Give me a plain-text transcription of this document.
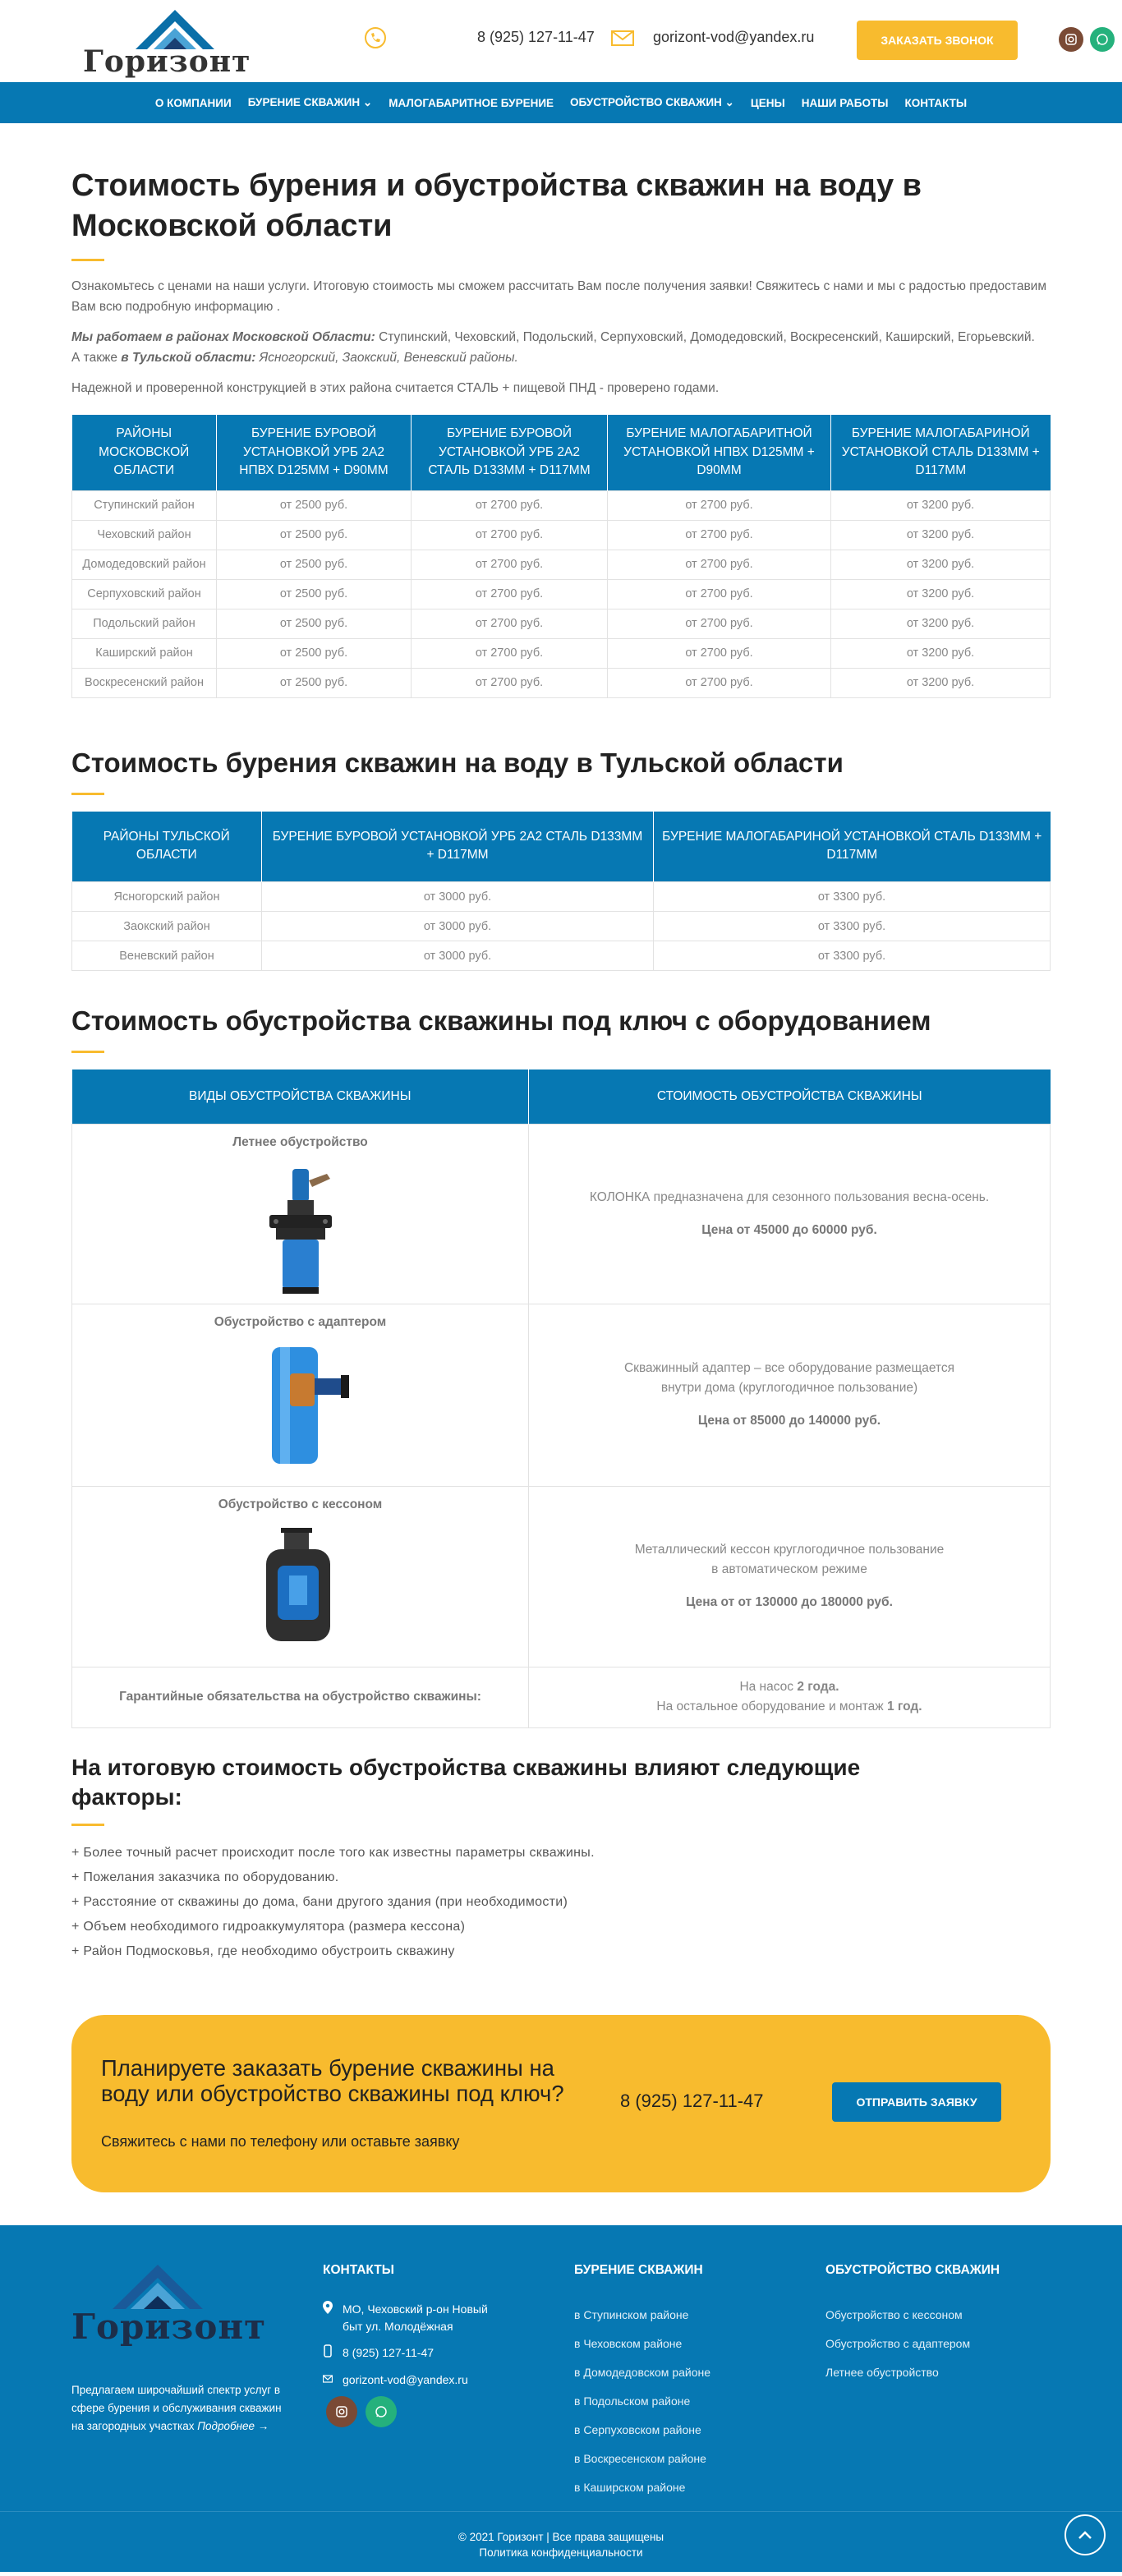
Горизонт
8 (925) 127-11-47	gorizont-vod@yandex.ru	ЗАКАЗАТЬ ЗВОНОК
О КОМПАНИИ	БУРЕНИЕ СКВАЖИН ⌄	МАЛОГАБАРИТНОЕ БУРЕНИЕ	ОБУСТРОЙСТВО СКВАЖИН ⌄	ЦЕНЫ	НАШИ РАБОТЫ	КОНТАКТЫ
Стоимость бурения и обустройства скважин на воду в Московской области

Ознакомьтесь с ценами на наши услуги. Итоговую стоимость мы сможем рассчитать Вам после получения заявки! Свяжитесь с нами и мы с радостью предоставим Вам всю подробную информацию .

Мы работаем в районах Московской Области: Ступинский, Чеховский, Подольский, Серпуховский, Домодедовский, Воскресенский, Каширский, Егорьевский.
А также в Тульской области: Ясногорский, Заокский, Веневский районы.

Надежной и проверенной конструкцией в этих района считается СТАЛЬ + пищевой ПНД - проверено годами.

РАЙОНЫ МОСКОВСКОЙ ОБЛАСТИ	БУРЕНИЕ БУРОВОЙ УСТАНОВКОЙ УРБ 2А2 НПВХ D125ММ + D90ММ	БУРЕНИЕ БУРОВОЙ УСТАНОВКОЙ УРБ 2А2 СТАЛЬ D133ММ + D117ММ	БУРЕНИЕ МАЛОГАБАРИТНОЙ УСТАНОВКОЙ НПВХ D125ММ + D90ММ	БУРЕНИЕ МАЛОГАБАРИНОЙ УСТАНОВКОЙ СТАЛЬ D133ММ + D117ММ
Ступинский район	от 2500 руб.	от 2700 руб.	от 2700 руб.	от 3200 руб.
Чеховский район	от 2500 руб.	от 2700 руб.	от 2700 руб.	от 3200 руб.
Домодедовский район	от 2500 руб.	от 2700 руб.	от 2700 руб.	от 3200 руб.
Серпуховский район	от 2500 руб.	от 2700 руб.	от 2700 руб.	от 3200 руб.
Подольский район	от 2500 руб.	от 2700 руб.	от 2700 руб.	от 3200 руб.
Каширский район	от 2500 руб.	от 2700 руб.	от 2700 руб.	от 3200 руб.
Воскресенский район	от 2500 руб.	от 2700 руб.	от 2700 руб.	от 3200 руб.
Стоимость бурения скважин на воду в Тульской области
РАЙОНЫ ТУЛЬСКОЙ ОБЛАСТИ	БУРЕНИЕ БУРОВОЙ УСТАНОВКОЙ УРБ 2А2 СТАЛЬ D133ММ + D117ММ	БУРЕНИЕ МАЛОГАБАРИНОЙ УСТАНОВКОЙ СТАЛЬ D133ММ + D117ММ
Ясногорский район	от 3000 руб.	от 3300 руб.
Заокский район	от 3000 руб.	от 3300 руб.
Веневский район	от 3000 руб.	от 3300 руб.
Стоимость обустройства скважины под ключ с оборудованием
ВИДЫ ОБУСТРОЙСТВА СКВАЖИНЫ	СТОИМОСТЬ ОБУСТРОЙСТВА СКВАЖИНЫ
Летнее обустройство	КОЛОНКА предназначена для сезонного пользования весна-осень.
Цена от 45000 до 60000 руб.

Обустройство с адаптером	Скважинный адаптер – все оборудование размещается
внутри дома (круглогодичное пользование)
Цена от 85000 до 140000 руб.

Обустройство с кессоном	Металлический кессон круглогодичное пользование
в автоматическом режиме
Цена от от 130000 до 180000 руб.

Гарантийные обязательства на обустройство скважины:	На насос 2 года.
На остальное оборудование и монтаж 1 год.
На итоговую стоимость обустройства скважины влияют следующие факторы:
+ Более точный расчет происходит после того как известны параметры скважины.
+ Пожелания заказчика по оборудованию.
+ Расстояние от скважины до дома, бани другого здания (при необходимости)
+ Объем необходимого гидроаккумулятора (размера кессона)
+ Район Подмосковья, где необходимо обустроить скважину
Планируете заказать бурение скважины на воду или обустройство скважины под ключ?
Свяжитесь с нами по телефону или оставьте заявку
8 (925) 127-11-47	ОТПРАВИТЬ ЗАЯВКУ
Горизонт
Предлагаем широчайший спектр услуг в сфере бурения и обслуживания скважин на загородных участках Подробнее →
КОНТАКТЫ
МО, Чеховский р-он Новый быт ул. Молодёжная
8 (925) 127-11-47
gorizont-vod@yandex.ru
БУРЕНИЕ СКВАЖИН
в Ступинском районе
в Чеховском районе
в Домодедовском районе
в Подольском районе
в Серпуховском районе
в Воскресенском районе
в Каширском районе
ОБУСТРОЙСТВО СКВАЖИН
Обустройство с кессоном
Обустройство с адаптером
Летнее обустройство
© 2021 Горизонт | Все права защищены
Политика конфиденциальности
